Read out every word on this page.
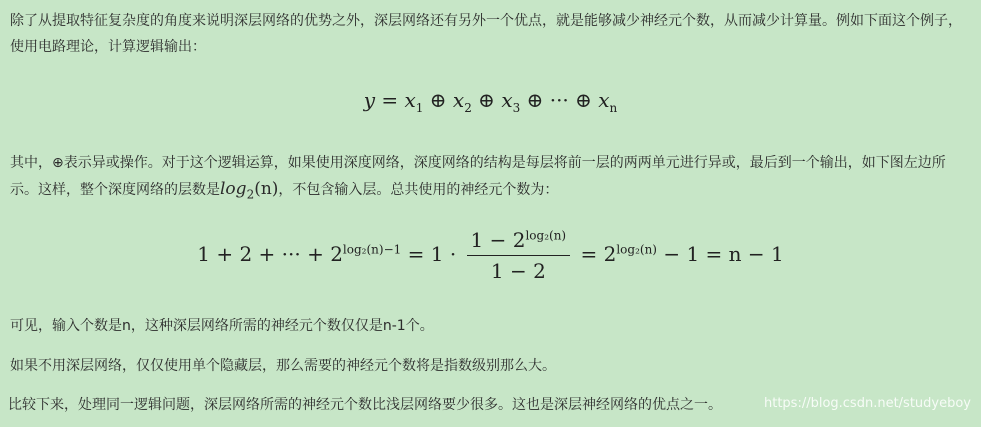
除了从提取特征复杂度的角度来说明深层网络的优势之外，深层网络还有另外一个优点，就是能够减少神经元个数，从而减少计算量。例如下面这个例子，使用电路理论，计算逻辑输出：

$y = x_1$ ⊕ $x_2$ ⊕ $x_3$ ⊕ ··· ⊕ $x_n$

其中，⊕表示异或操作。对于这个逻辑运算，如果使用深度网络，深度网络的结构是每层将前一层的两两单元进行异或，最后到一个输出，如下图左边所示。这样，整个深度网络的层数是$\log_2(n)$，不包含输入层。总共使用的神经元个数为：

1 + 2 + ··· + $2^{log_2(n)-1} = 1 \cdot \frac{1 - 2^{log_2(n)}}{1 - 2} = 2^{log_2(n)} - 1 = n - 1$

可见，输入个数是n，这种深层网络所需的神经元个数仅仅是n-1个。

如果不用深层网络，仅仅使用单个隐藏层，那么需要的神经元个数将是指数级别那么大。

比较下来，处理同一逻辑问题，深层网络所需的神经元个数比浅层网络要少很多。这也是深层神经网络的优点之一。	https://blog.csdn.net/studyeboy
